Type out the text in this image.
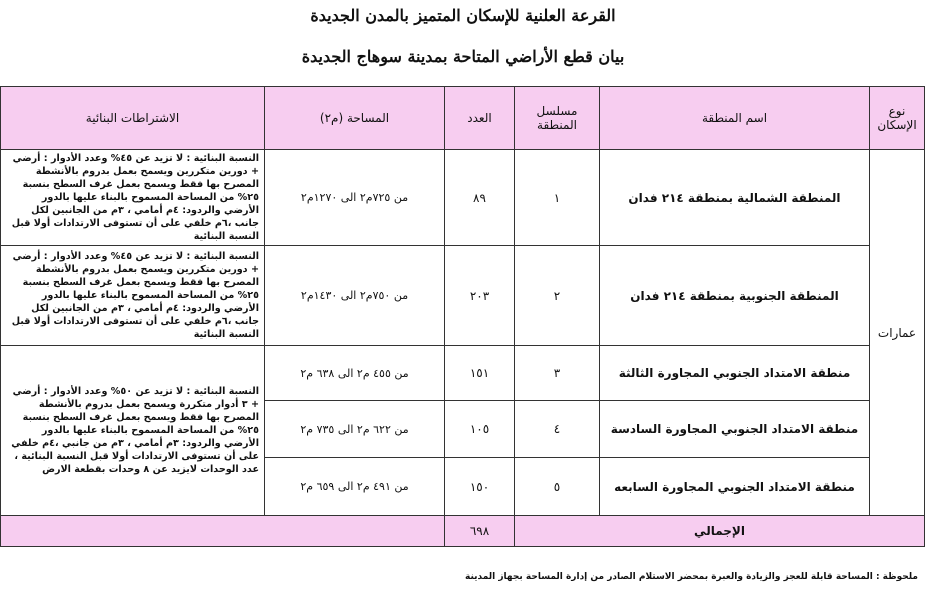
القرعة العلنية للإسكان المتميز بالمدن الجديدة
بيان قطع الأراضي المتاحة بمدينة سوهاج الجديدة
نوع الإسكان	اسم المنطقة	مسلسل المنطقة	العدد	المساحة (م٢)	الاشتراطات البنائية
عمارات	المنطقة الشمالية بمنطقة ٢١٤ فدان	١	٨٩	من ٧٢٥م٢ الى ١٢٧٠م٢	النسبة البنائية : لا تزيد عن ٤٥% وعدد الأدوار : أرضي + دورين متكررين ويسمح بعمل بدروم بالأنشطة المصرح بها فقط ويسمح بعمل غرف السطح بنسبة ٢٥% من المساحة المسموح بالبناء عليها بالدور الأرضي والردود: ٤م أمامي ، ٣م من الجانبين لكل جانب ،٦م خلفي على أن تستوفى الارتدادات أولا قبل النسبة البنائية
	المنطقة الجنوبية بمنطقة ٢١٤ فدان	٢	٢٠٣	من ٧٥٠م٢ الى ١٤٣٠م٢	النسبة البنائية : لا تزيد عن ٤٥% وعدد الأدوار : أرضي + دورين متكررين ويسمح بعمل بدروم بالأنشطة المصرح بها فقط ويسمح بعمل غرف السطح بنسبة ٢٥% من المساحة المسموح بالبناء عليها بالدور الأرضي والردود: ٤م أمامي ، ٣م من الجانبين لكل جانب ،٦م خلفي على أن تستوفى الارتدادات أولا قبل النسبة البنائية
	منطقة الامتداد الجنوبي المجاورة الثالثة	٣	١٥١	من ٤٥٥ م٢ الى ٦٣٨ م٢	النسبة البنائية : لا تزيد عن ٥٠% وعدد الأدوار : أرضي + ٣ أدوار متكررة ويسمح بعمل بدروم بالأنشطة المصرح بها فقط ويسمح بعمل غرف السطح بنسبة ٢٥% من المساحة المسموح بالبناء عليها بالدور الأرضي والردود: ٣م أمامي ، ٣م من جانبي ،٤م خلفي على أن تستوفى الارتدادات أولا قبل النسبة البنائية ، عدد الوحدات لايزيد عن ٨ وحدات بقطعة الارض
	منطقة الامتداد الجنوبي المجاورة السادسة	٤	١٠٥	من ٦٢٢ م٢ الى ٧٣٥ م٢	
	منطقة الامتداد الجنوبي المجاورة السابعه	٥	١٥٠	من ٤٩١ م٢ الى ٦٥٩ م٢	
الإجمالي			٦٩٨		
ملحوظة : المساحة قابلة للعجز والزيادة والعبرة بمحضر الاستلام الصادر من إدارة المساحة بجهاز المدينة
